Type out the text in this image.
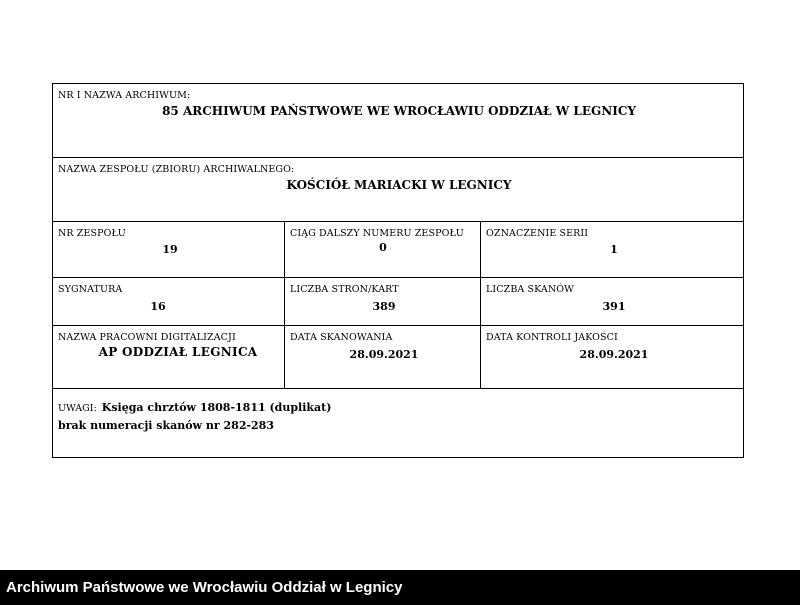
NR I NAZWA ARCHIWUM:
85 ARCHIWUM PAŃSTWOWE WE WROCŁAWIU ODDZIAŁ W LEGNICY
NAZWA ZESPOŁU (ZBIORU) ARCHIWALNEGO:
KOŚCIÓŁ MARIACKI W LEGNICY
NR ZESPOŁU
19
CIĄG DALSZY NUMERU ZESPOŁU
0
OZNACZENIE SERII
1
SYGNATURA
16
LICZBA STRON/KART
389
LICZBA SKANÓW
391
NAZWA PRACOWNI DIGITALIZACJI
AP ODDZIAŁ LEGNICA
DATA SKANOWANIA
28.09.2021
DATA KONTROLI JAKOŚCI
28.09.2021
UWAGI: Księga chrztów 1808-1811 (duplikat)
brak numeracji skanów nr 282-283
Archiwum Państwowe we Wrocławiu Oddział w Legnicy
